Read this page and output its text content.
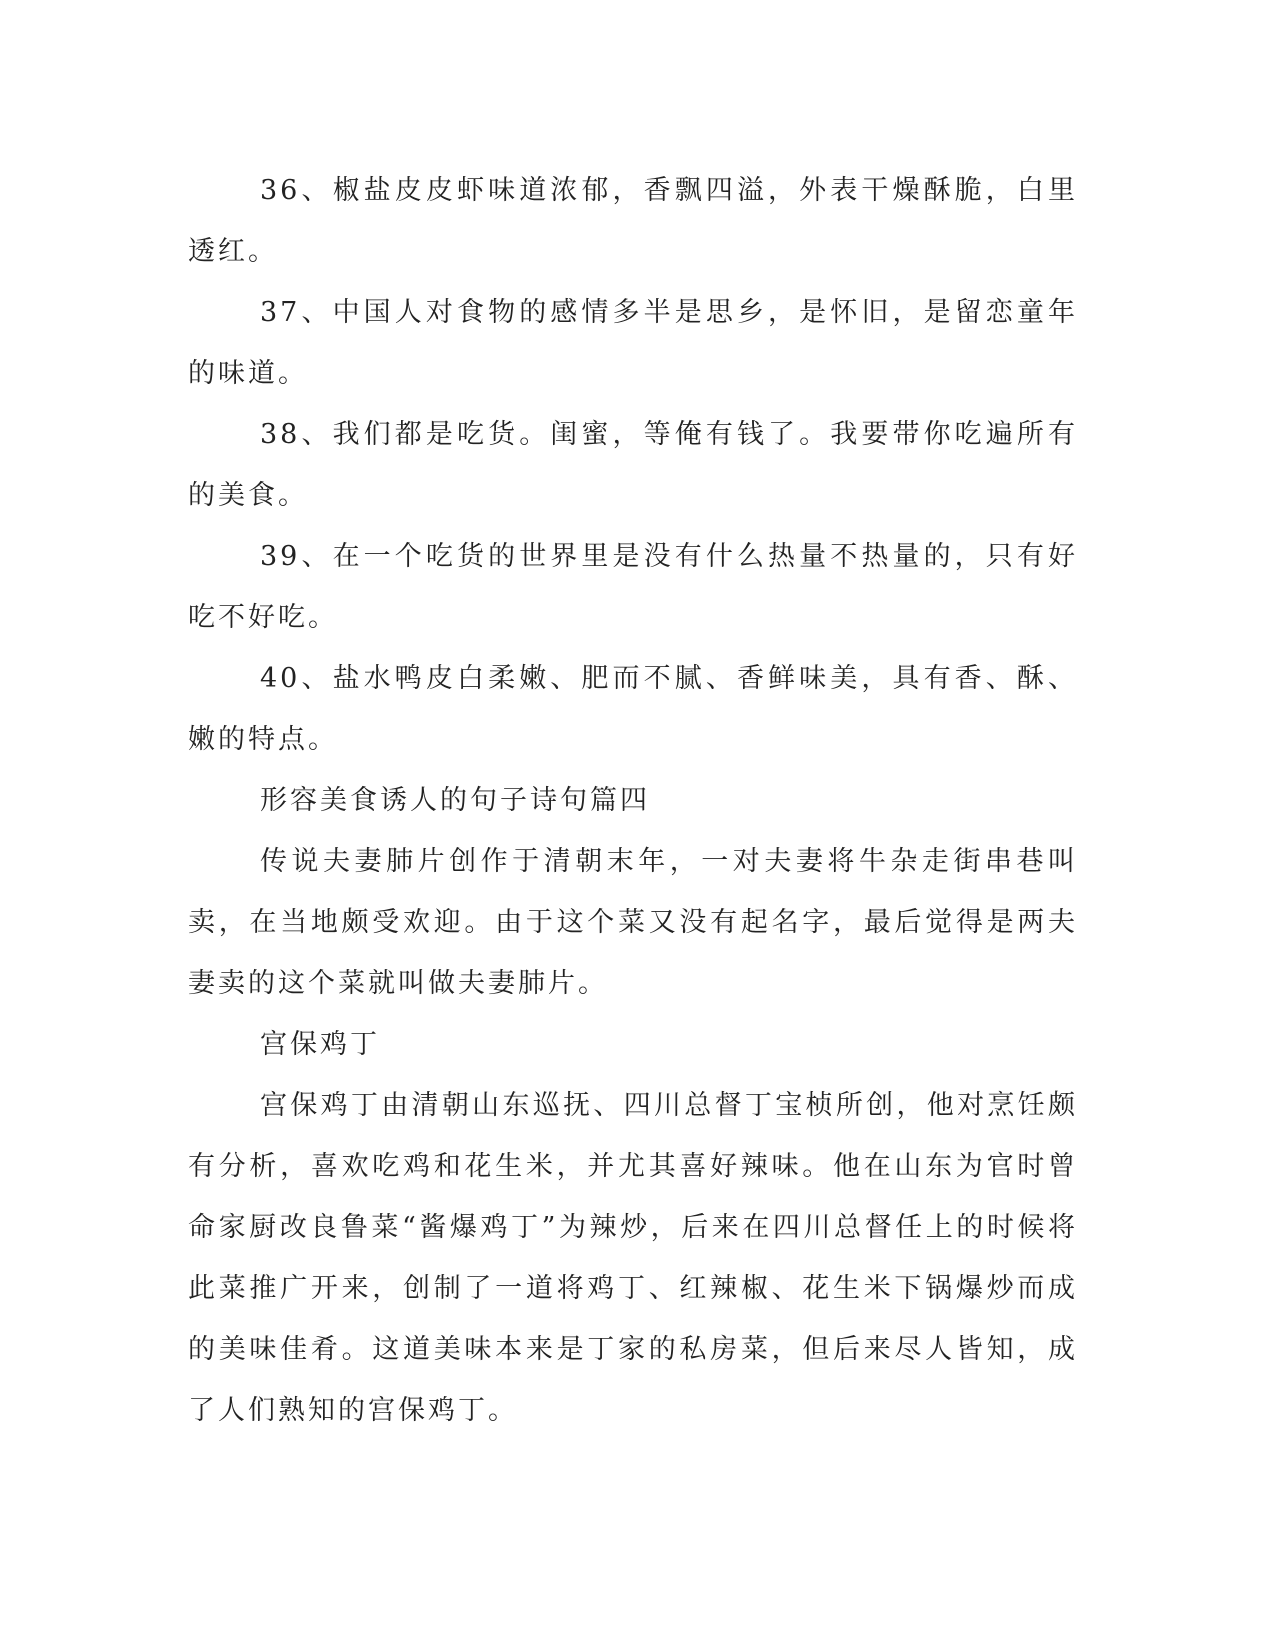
36、椒盐皮皮虾味道浓郁，香飘四溢，外表干燥酥脆，白里透红。

37、中国人对食物的感情多半是思乡，是怀旧，是留恋童年的味道。

38、我们都是吃货。闺蜜，等俺有钱了。我要带你吃遍所有的美食。

39、在一个吃货的世界里是没有什么热量不热量的，只有好吃不好吃。

40、盐水鸭皮白柔嫩、肥而不腻、香鲜味美，具有香、酥、嫩的特点。

形容美食诱人的句子诗句篇四

传说夫妻肺片创作于清朝末年，一对夫妻将牛杂走街串巷叫卖，在当地颇受欢迎。由于这个菜又没有起名字，最后觉得是两夫妻卖的这个菜就叫做夫妻肺片。

宫保鸡丁

宫保鸡丁由清朝山东巡抚、四川总督丁宝桢所创，他对烹饪颇有分析，喜欢吃鸡和花生米，并尤其喜好辣味。他在山东为官时曾命家厨改良鲁菜“酱爆鸡丁”为辣炒，后来在四川总督任上的时候将此菜推广开来，创制了一道将鸡丁、红辣椒、花生米下锅爆炒而成的美味佳肴。这道美味本来是丁家的私房菜，但后来尽人皆知，成了人们熟知的宫保鸡丁。
